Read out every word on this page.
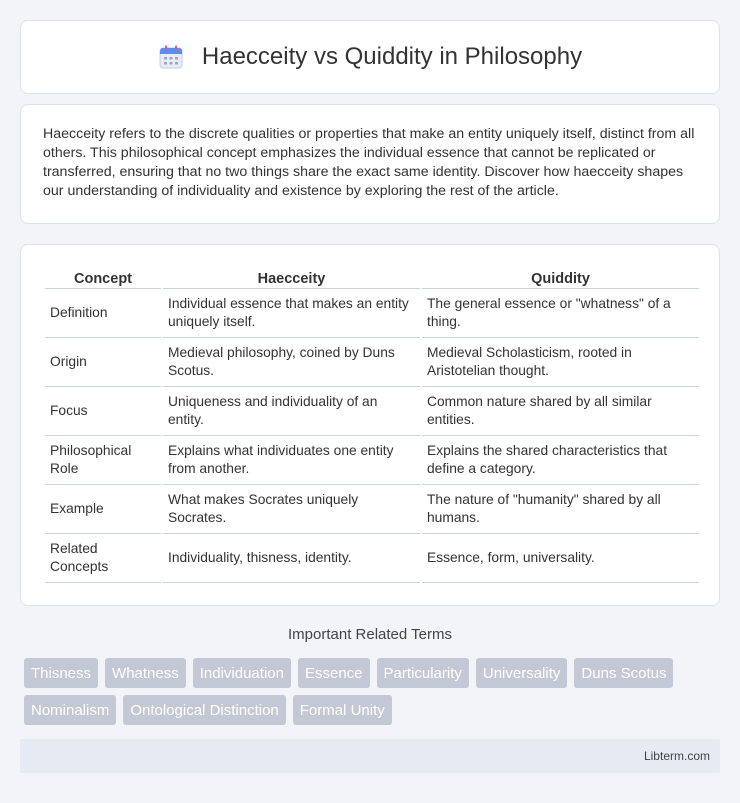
Haecceity vs Quiddity in Philosophy

Haecceity refers to the discrete qualities or properties that make an entity uniquely itself, distinct from all others. This philosophical concept emphasizes the individual essence that cannot be replicated or transferred, ensuring that no two things share the exact same identity. Discover how haecceity shapes our understanding of individuality and existence by exploring the rest of the article.

Concept	Haecceity	Quiddity
Definition	Individual essence that makes an entity uniquely itself.	The general essence or "whatness" of a thing.
Origin	Medieval philosophy, coined by Duns Scotus.	Medieval Scholasticism, rooted in Aristotelian thought.
Focus	Uniqueness and individuality of an entity.	Common nature shared by all similar entities.
Philosophical Role	Explains what individuates one entity from another.	Explains the shared characteristics that define a category.
Example	What makes Socrates uniquely Socrates.	The nature of "humanity" shared by all humans.
Related Concepts	Individuality, thisness, identity.	Essence, form, universality.
Important Related Terms
Thisness	Whatness	Individuation	Essence	Particularity	Universality	Duns Scotus
Nominalism	Ontological Distinction	Formal Unity
Libterm.com
